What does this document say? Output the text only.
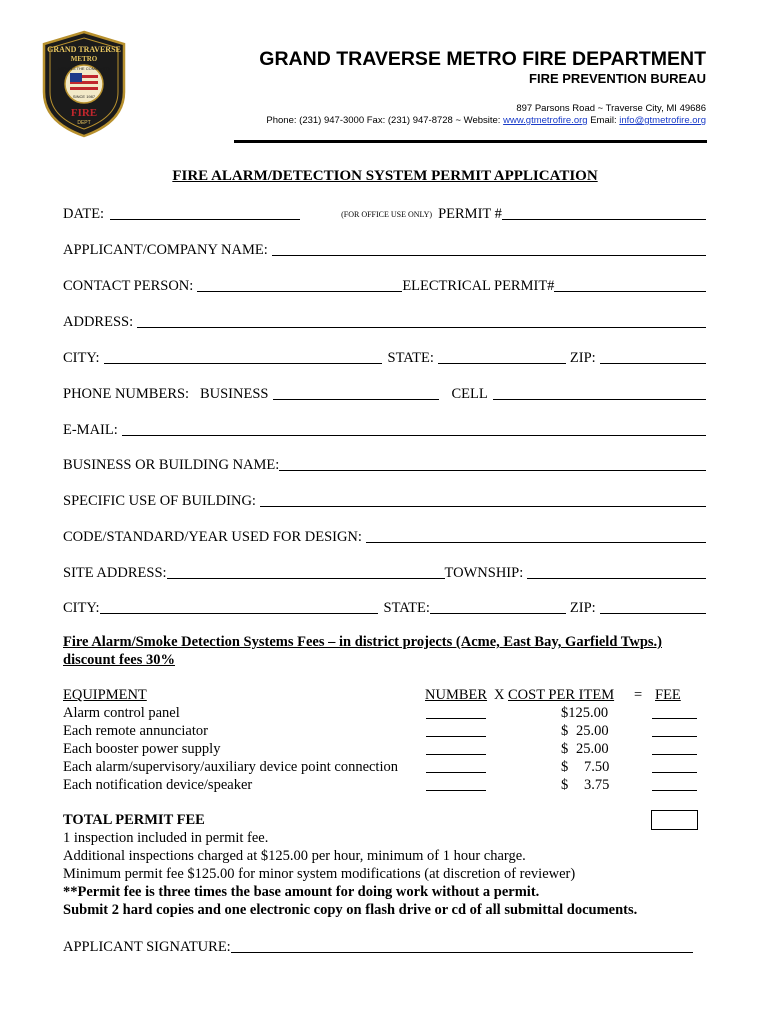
GRAND TRAVERSE
METRO
SERVING THE COMMUNITY
SINCE 1987
FIRE
DEPT
GRAND TRAVERSE METRO FIRE DEPARTMENT
FIRE PREVENTION BUREAU
897 Parsons Road ~ Traverse City, MI 49686
Phone: (231) 947-3000 Fax: (231) 947-8728 ~ Website: www.gtmetrofire.org Email: info@gtmetrofire.org
FIRE ALARM/DETECTION SYSTEM PERMIT APPLICATION
DATE:	(FOR OFFICE USE ONLY) PERMIT #
APPLICANT/COMPANY NAME:
CONTACT PERSON:	ELECTRICAL PERMIT#
ADDRESS:
CITY:	STATE:	ZIP:
PHONE NUMBERS:   BUSINESS	CELL
E-MAIL:
BUSINESS OR BUILDING NAME:
SPECIFIC USE OF BUILDING:
CODE/STANDARD/YEAR USED FOR DESIGN:
SITE ADDRESS:	TOWNSHIP:
CITY:	STATE:	ZIP:
Fire Alarm/Smoke Detection Systems Fees – in district projects (Acme, East Bay, Garfield Twps.) discount fees 30%
EQUIPMENT	NUMBER X COST PER ITEM = FEE
Alarm control panel	$125.00
Each remote annunciator	$ 25.00
Each booster power supply	$ 25.00
Each alarm/supervisory/auxiliary device point connection	$ 7.50
Each notification device/speaker	$ 3.75
TOTAL PERMIT FEE
1 inspection included in permit fee.
Additional inspections charged at $125.00 per hour, minimum of 1 hour charge.
Minimum permit fee $125.00 for minor system modifications (at discretion of reviewer)
**Permit fee is three times the base amount for doing work without a permit.
Submit 2 hard copies and one electronic copy on flash drive or cd of all submittal documents.
APPLICANT SIGNATURE:
